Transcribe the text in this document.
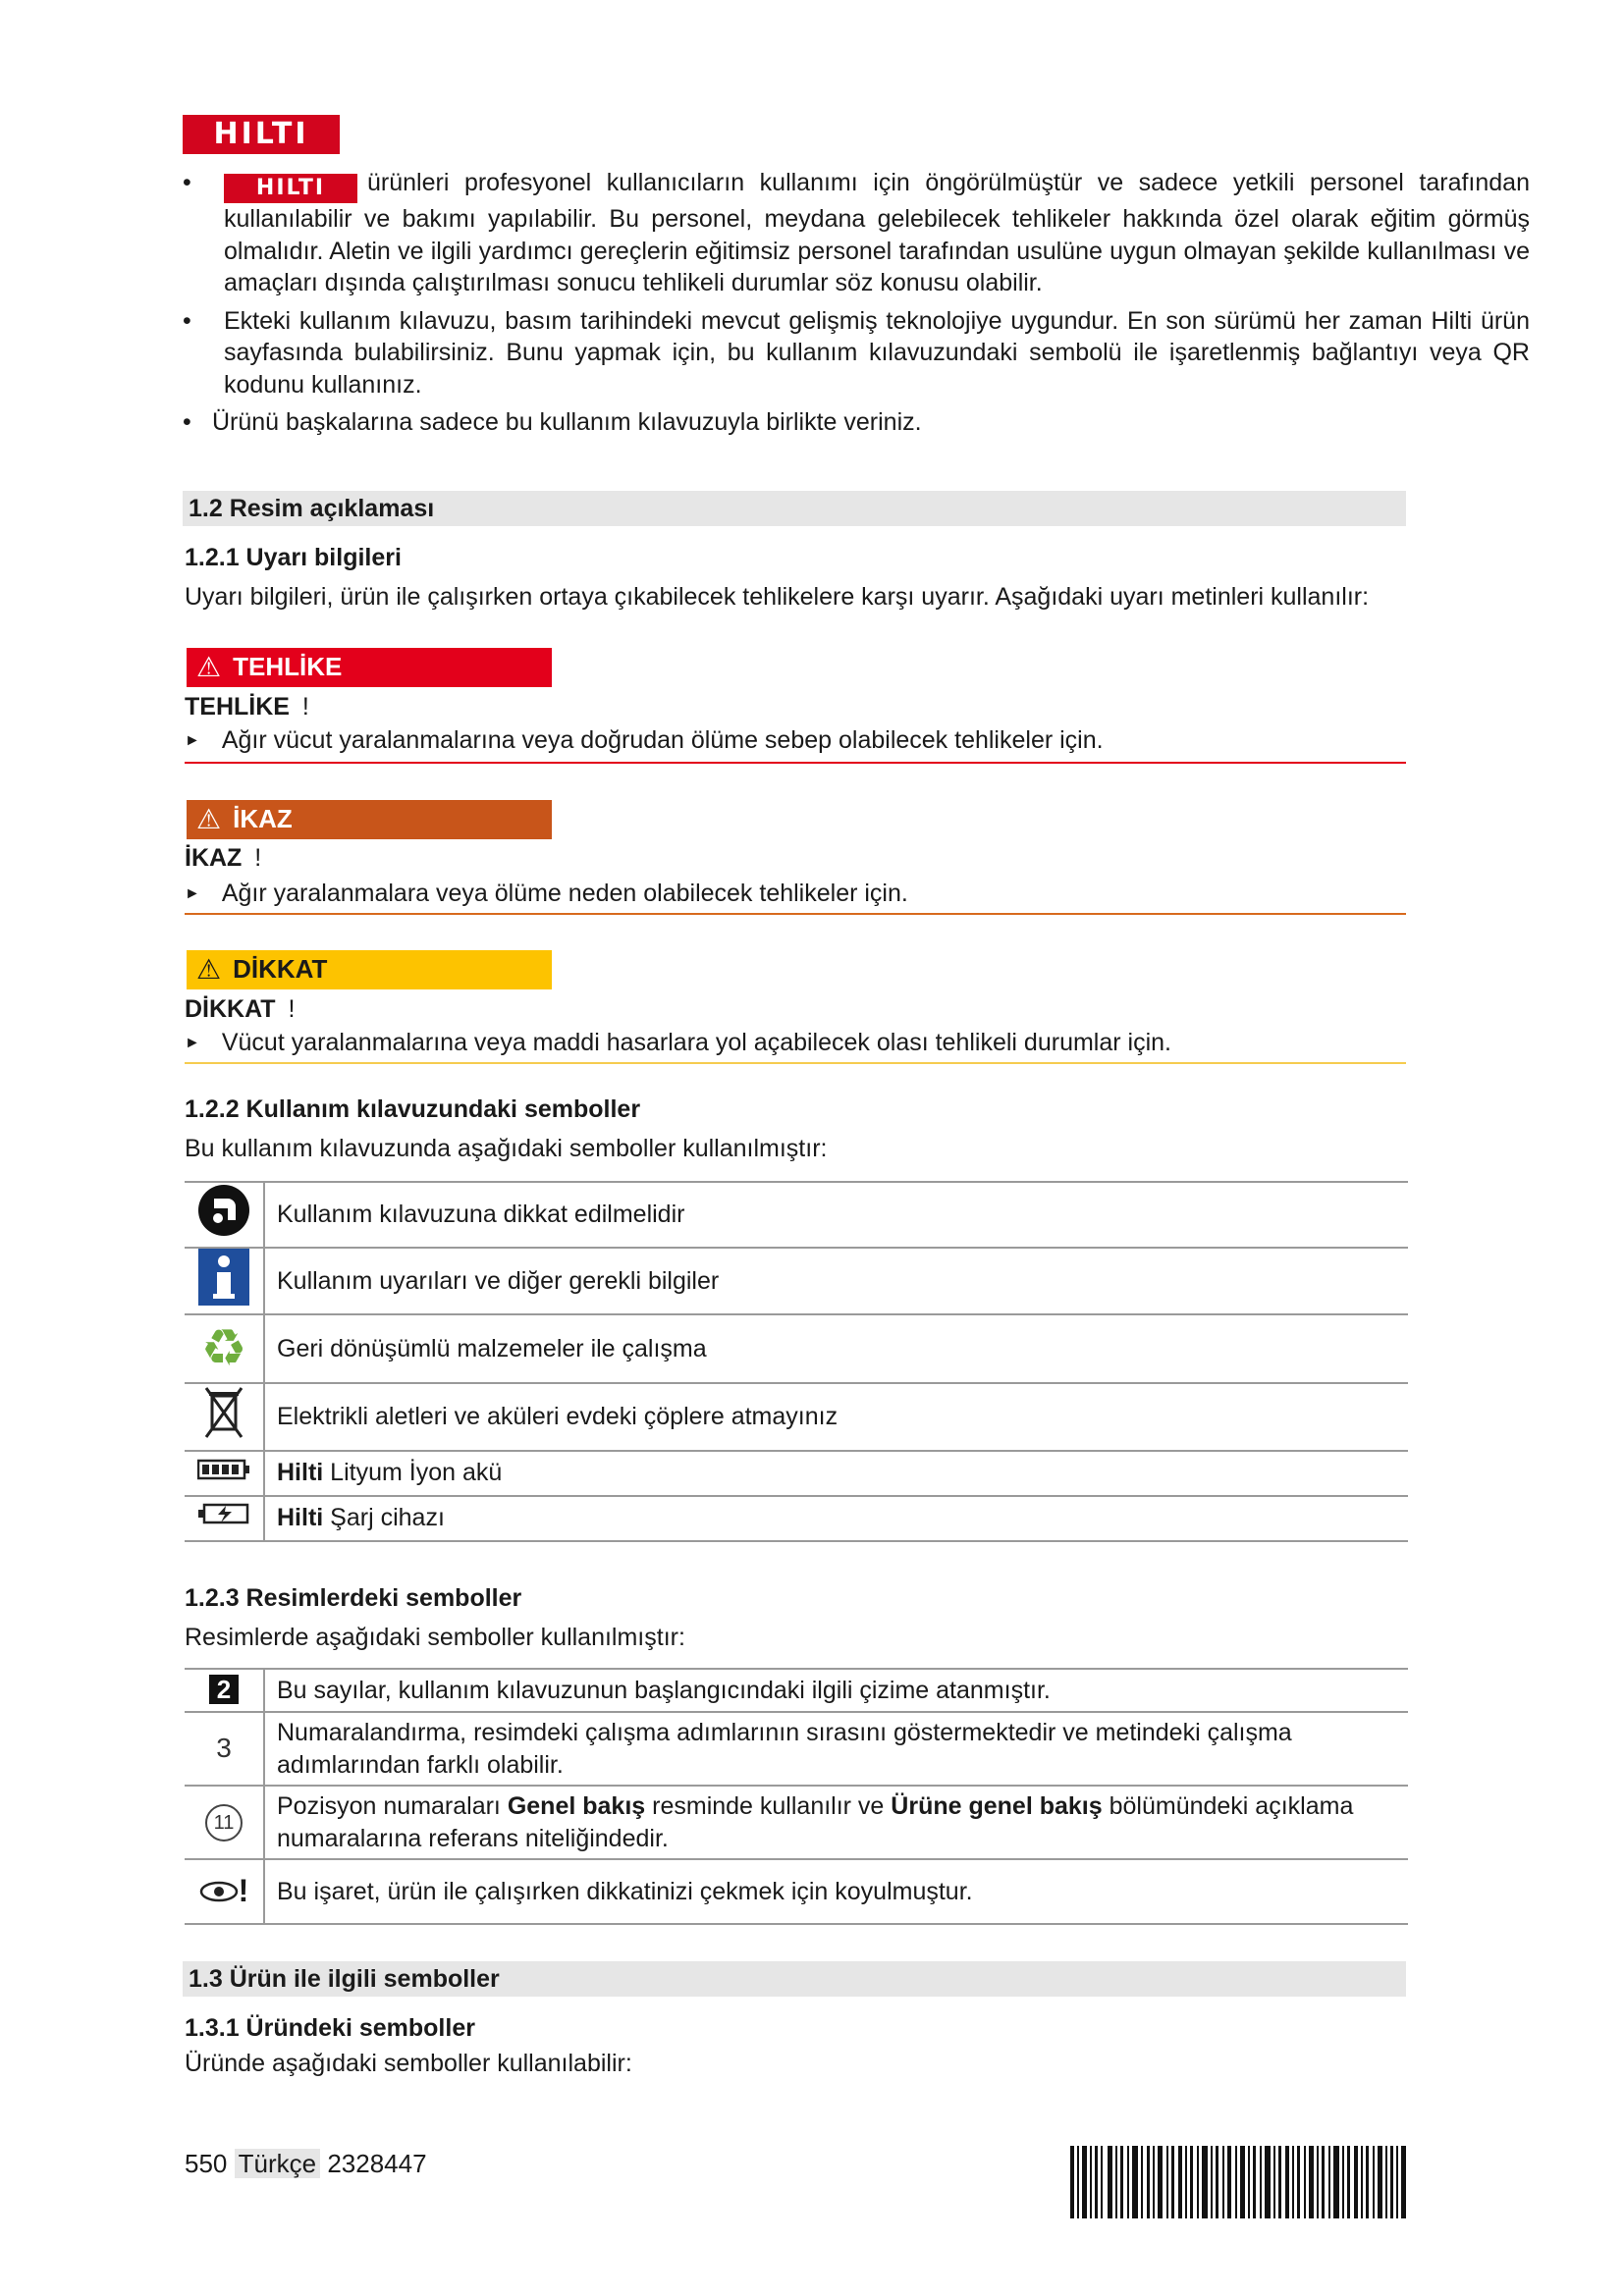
HILTI
•	HILTI ürünleri profesyonel kullanıcıların kullanımı için öngörülmüştür ve sadece yetkili personel tarafından kullanılabilir ve bakımı yapılabilir. Bu personel, meydana gelebilecek tehlikeler hakkında özel olarak eğitim görmüş olmalıdır. Aletin ve ilgili yardımcı gereçlerin eğitimsiz personel tarafından usulüne uygun olmayan şekilde kullanılması ve amaçları dışında çalıştırılması sonucu tehlikeli durumlar söz konusu olabilir.
• Ekteki kullanım kılavuzu, basım tarihindeki mevcut gelişmiş teknolojiye uygundur. En son sürümü her zaman Hilti ürün sayfasında bulabilirsiniz. Bunu yapmak için, bu kullanım kılavuzundaki sembolü ile işaretlenmiş bağlantıyı veya QR kodunu kullanınız.
• Ürünü başkalarına sadece bu kullanım kılavuzuyla birlikte veriniz.
1.2 Resim açıklaması
1.2.1 Uyarı bilgileri
Uyarı bilgileri, ürün ile çalışırken ortaya çıkabilecek tehlikelere karşı uyarır. Aşağıdaki uyarı metinleri kullanılır:
⚠ TEHLİKE
TEHLİKE !
► Ağır vücut yaralanmalarına veya doğrudan ölüme sebep olabilecek tehlikeler için.
⚠ İKAZ
İKAZ !
► Ağır yaralanmalara veya ölüme neden olabilecek tehlikeler için.
⚠ DİKKAT
DİKKAT !
► Vücut yaralanmalarına veya maddi hasarlara yol açabilecek olası tehlikeli durumlar için.
1.2.2 Kullanım kılavuzundaki semboller
Bu kullanım kılavuzunda aşağıdaki semboller kullanılmıştır:
	Kullanım kılavuzuna dikkat edilmelidir
	Kullanım uyarıları ve diğer gerekli bilgiler
♻	Geri dönüşümlü malzemeler ile çalışma
	Elektrikli aletleri ve aküleri evdeki çöplere atmayınız
	Hilti Lityum İyon akü
	Hilti Şarj cihazı
1.2.3 Resimlerdeki semboller
Resimlerde aşağıdaki semboller kullanılmıştır:
2	Bu sayılar, kullanım kılavuzunun başlangıcındaki ilgili çizime atanmıştır.
3	Numaralandırma, resimdeki çalışma adımlarının sırasını göstermektedir ve metindeki çalışma adımlarından farklı olabilir.
11	Pozisyon numaraları Genel bakış resminde kullanılır ve Ürüne genel bakış bölümündeki açıklama numaralarına referans niteliğindedir.
!	Bu işaret, ürün ile çalışırken dikkatinizi çekmek için koyulmuştur.
1.3 Ürün ile ilgili semboller
1.3.1 Üründeki semboller
Üründe aşağıdaki semboller kullanılabilir:
550 Türkçe 2328447
